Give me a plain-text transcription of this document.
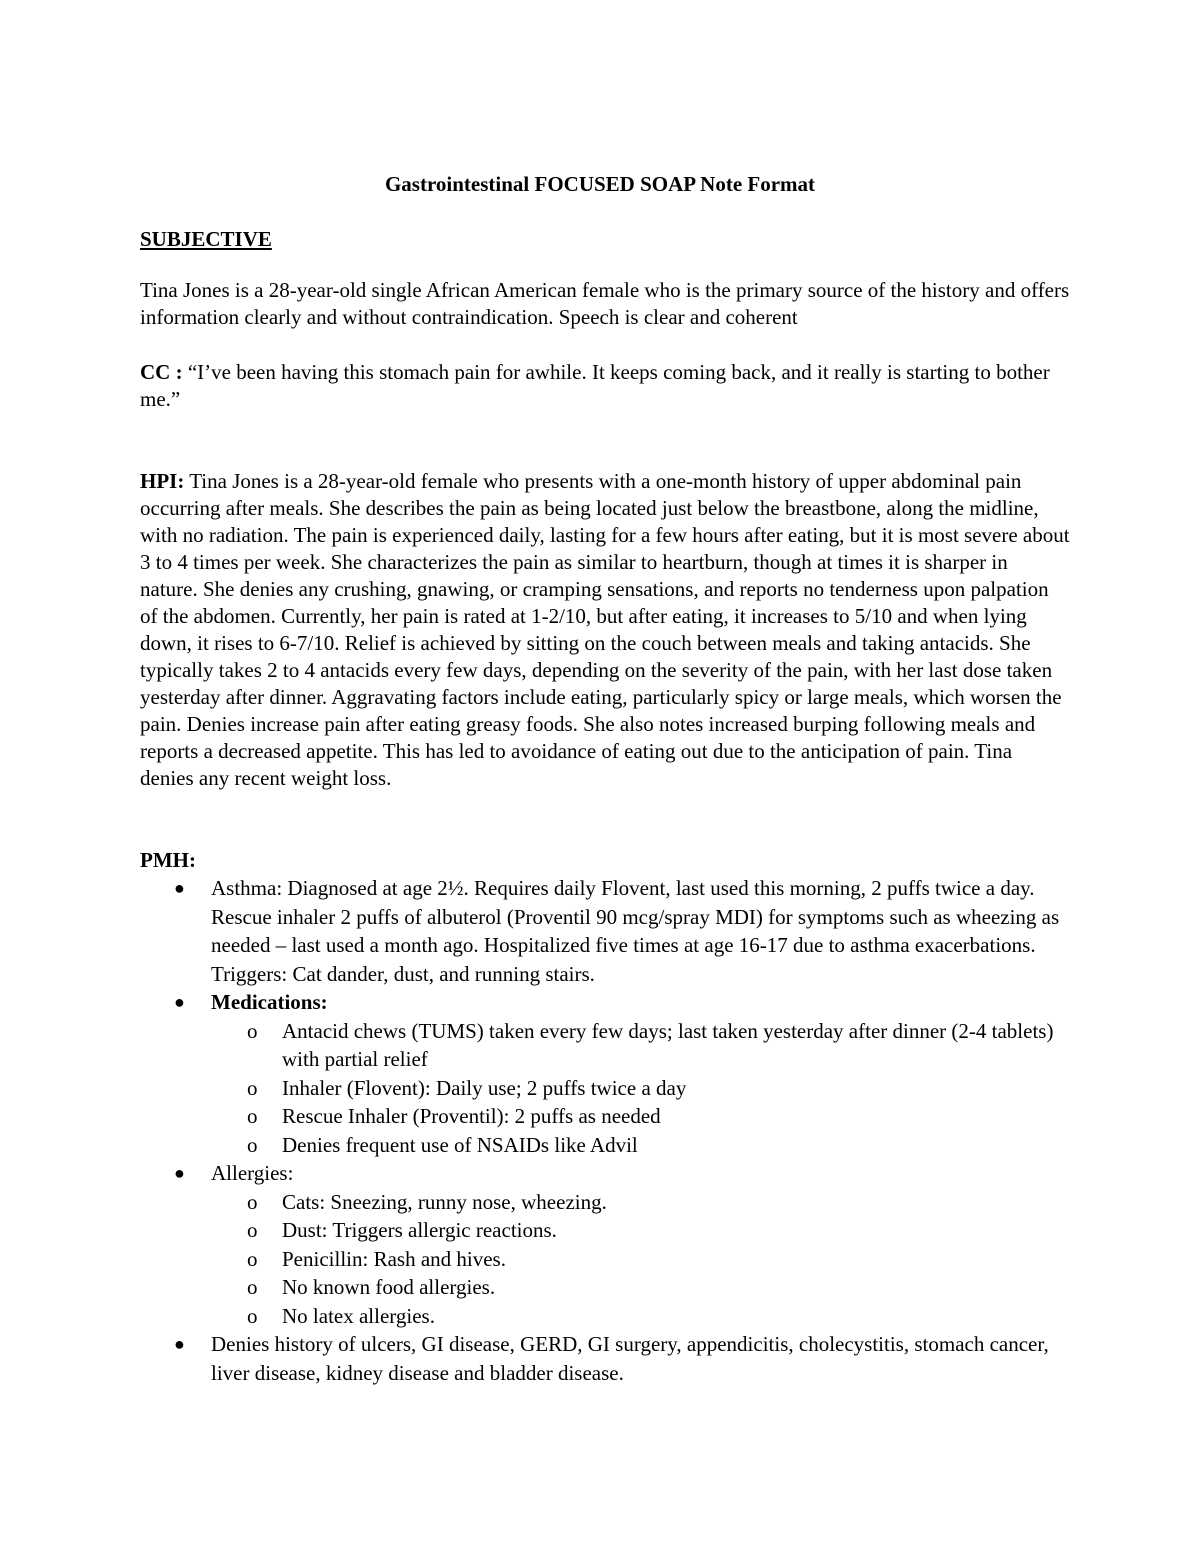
Gastrointestinal FOCUSED SOAP Note Format
SUBJECTIVE
Tina Jones is a 28-year-old single African American female who is the primary source of the history and offers information clearly and without contraindication. Speech is clear and coherent
CC : “I’ve been having this stomach pain for awhile. It keeps coming back, and it really is starting to bother me.”
HPI: Tina Jones is a 28-year-old female who presents with a one-month history of upper abdominal pain occurring after meals. She describes the pain as being located just below the breastbone, along the midline, with no radiation. The pain is experienced daily, lasting for a few hours after eating, but it is most severe about 3 to 4 times per week. She characterizes the pain as similar to heartburn, though at times it is sharper in nature. She denies any crushing, gnawing, or cramping sensations, and reports no tenderness upon palpation of the abdomen. Currently, her pain is rated at 1-2/10, but after eating, it increases to 5/10 and when lying down, it rises to 6-7/10. Relief is achieved by sitting on the couch between meals and taking antacids. She typically takes 2 to 4 antacids every few days, depending on the severity of the pain, with her last dose taken yesterday after dinner. Aggravating factors include eating, particularly spicy or large meals, which worsen the pain. Denies increase pain after eating greasy foods. She also notes increased burping following meals and reports a decreased appetite. This has led to avoidance of eating out due to the anticipation of pain. Tina denies any recent weight loss.
PMH:
● Asthma: Diagnosed at age 2½. Requires daily Flovent, last used this morning, 2 puffs twice a day. Rescue inhaler 2 puffs of albuterol (Proventil 90 mcg/spray MDI) for symptoms such as wheezing as needed – last used a month ago. Hospitalized five times at age 16-17 due to asthma exacerbations. Triggers: Cat dander, dust, and running stairs.
● Medications:
o Antacid chews (TUMS) taken every few days; last taken yesterday after dinner (2-4 tablets) with partial relief
o Inhaler (Flovent): Daily use; 2 puffs twice a day
o Rescue Inhaler (Proventil): 2 puffs as needed
o Denies frequent use of NSAIDs like Advil
● Allergies:
o Cats: Sneezing, runny nose, wheezing.
o Dust: Triggers allergic reactions.
o Penicillin: Rash and hives.
o No known food allergies.
o No latex allergies.
● Denies history of ulcers, GI disease, GERD, GI surgery, appendicitis, cholecystitis, stomach cancer, liver disease, kidney disease and bladder disease.
